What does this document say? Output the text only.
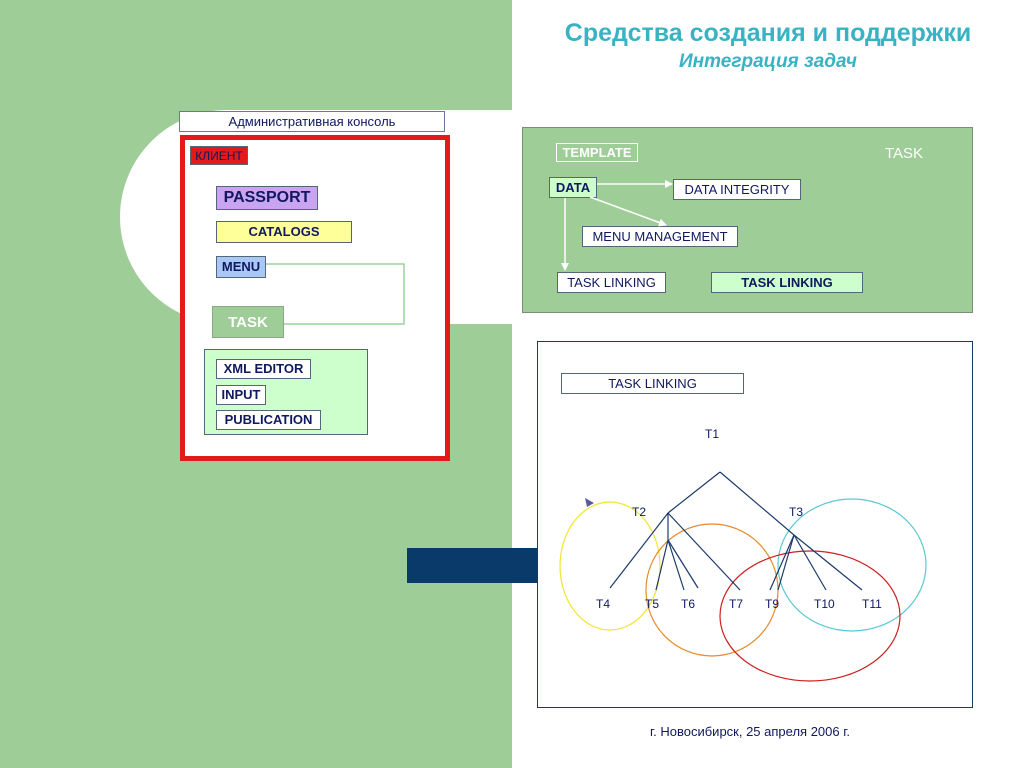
Средства создания и поддержки
Интеграция задач
Административная консоль
КЛИЕНТ
PASSPORT
CATALOGS
MENU
TASK
XML EDITOR
INPUT
PUBLICATION
TEMPLATE	TASK
DATA	DATA INTEGRITY
MENU MANAGEMENT
TASK LINKING	TASK LINKING
TASK LINKING
T1
T2	T3
T4	T5 T6	T7 T9	T10 T11
г. Новосибирск, 25 апреля 2006 г.
